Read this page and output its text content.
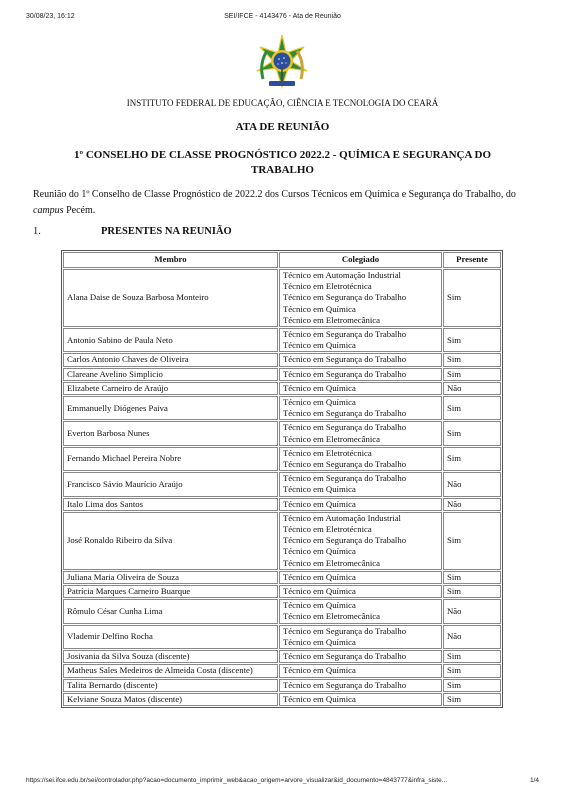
30/08/23, 16:12	SEI/IFCE - 4143476 - Ata de Reunião
INSTITUTO FEDERAL DE EDUCAÇÃO, CIÊNCIA E TECNOLOGIA DO CEARÁ
ATA DE REUNIÃO
1º CONSELHO DE CLASSE PROGNÓSTICO 2022.2 - QUÍMICA E SEGURANÇA DO TRABALHO
Reunião do 1º Conselho de Classe Prognóstico de 2022.2 dos Cursos Técnicos em Química e Segurança do Trabalho, do campus Pecém.
1.	PRESENTES NA REUNIÃO
Membro	Colegiado	Presente
Alana Daise de Souza Barbosa Monteiro	Técnico em Automação Industrial
Técnico em Eletrotécnica
Técnico em Segurança do Trabalho
Técnico em Química
Técnico em Eletromecânica	Sim
Antonio Sabino de Paula Neto	Técnico em Segurança do Trabalho
Técnico em Química	Sim
Carlos Antonio Chaves de Oliveira	Técnico em Segurança do Trabalho	Sim
Clareane Avelino Simplicio	Técnico em Segurança do Trabalho	Sim
Elizabete Carneiro de Araújo	Técnico em Química	Não
Emmanuelly Diógenes Paiva	Técnico em Química
Técnico em Segurança do Trabalho	Sim
Everton Barbosa Nunes	Técnico em Segurança do Trabalho
Técnico em Eletromecânica	Sim
Fernando Michael Pereira Nobre	Técnico em Eletrotécnica
Técnico em Segurança do Trabalho	Sim
Francisco Sávio Maurício Araújo	Técnico em Segurança do Trabalho
Técnico em Química	Não
Italo Lima dos Santos	Técnico em Química	Não
José Ronaldo Ribeiro da Silva	Técnico em Automação Industrial
Técnico em Eletrotécnica
Técnico em Segurança do Trabalho
Técnico em Química
Técnico em Eletromecânica	Sim
Juliana Maria Oliveira de Souza	Técnico em Química	Sim
Patrícia Marques Carneiro Buarque	Técnico em Química	Sim
Rômulo César Cunha Lima	Técnico em Química
Técnico em Eletromecânica	Não
Vlademir Delfino Rocha	Técnico em Segurança do Trabalho
Técnico em Química	Não
Josivania da Silva Souza (discente)	Técnico em Segurança do Trabalho	Sim
Matheus Sales Medeiros de Almeida Costa (discente)	Técnico em Química	Sim
Talita Bernardo (discente)	Técnico em Segurança do Trabalho	Sim
Kelviane Souza Matos (discente)	Técnico em Química	Sim
https://sei.ifce.edu.br/sei/controlador.php?acao=documento_imprimir_web&acao_origem=arvore_visualizar&id_documento=4843777&infra_siste...	1/4
